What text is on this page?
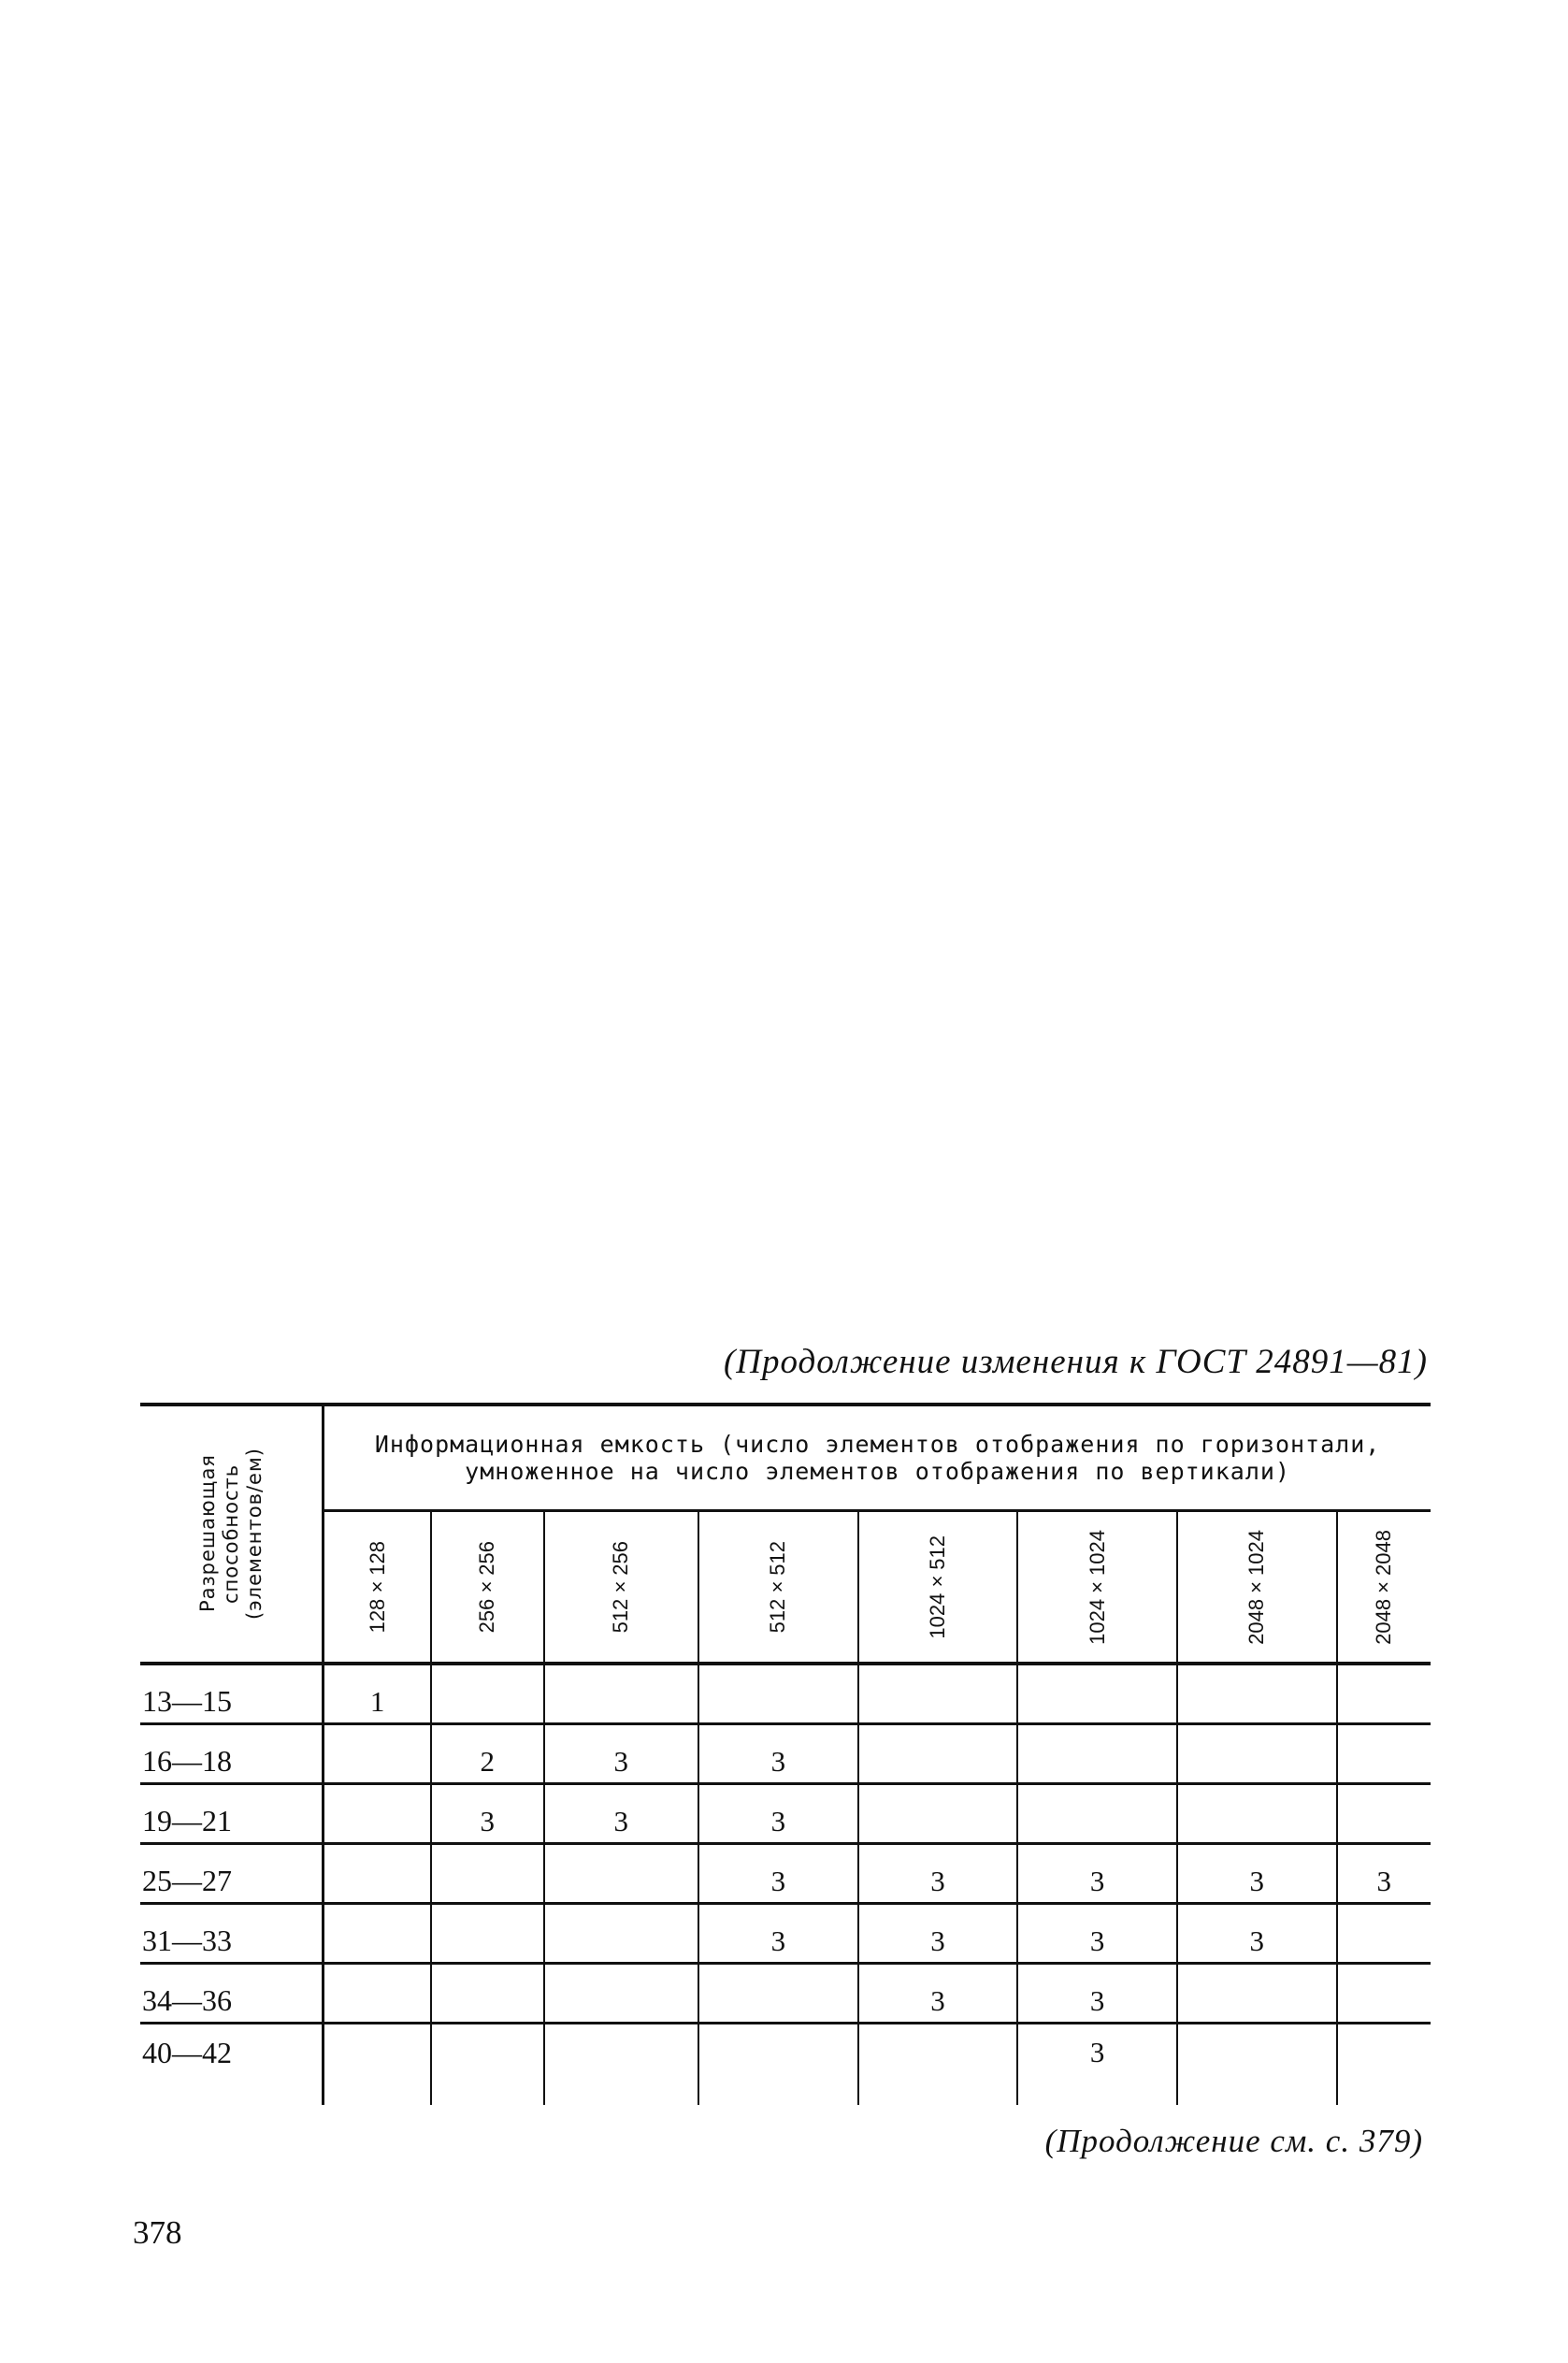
(Продолжение изменения к ГОСТ 24891—81)
Разрешающая способность (элементов/ем)	Информационная емкость (число элементов отображения по горизонтали,
умноженное на число элементов отображения по вертикали)							

	128×128	256×256	512×256	512×512	1024×512	1024×1024	2048×1024	2048×2048

13—15	1							
16—18		2	3	3				
19—21		3	3	3				
25—27				3	3	3	3	3
31—33				3	3	3	3	
34—36					3	3		
40—42						3		
(Продолжение см. с. 379)
378
